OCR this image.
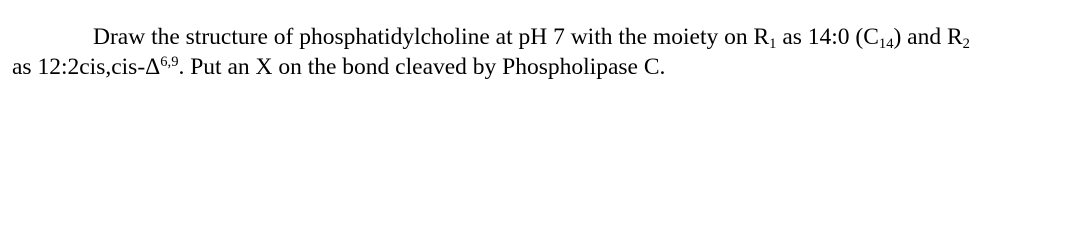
Draw the structure of phosphatidylcholine at pH 7 with the moiety on $R_1$ as 14:0 $(C_{14})$ and $R_2$
as $12:2cis,cis-\Delta^{6,9}$. Put an X on the bond cleaved by Phospholipase C.
